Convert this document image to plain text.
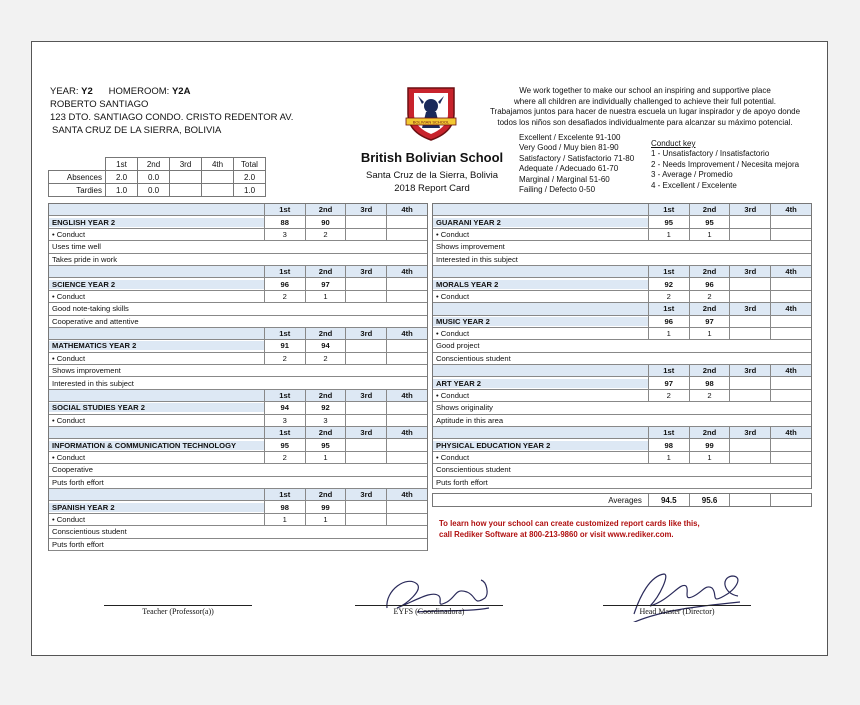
YEAR: Y2 HOMEROOM: Y2A
ROBERTO SANTIAGO
123 DTO. SANTIAGO CONDO. CRISTO REDENTOR AV.
SANTA CRUZ DE LA SIERRA, BOLIVIA
	1st	2nd	3rd	4th	Total
Absences	2.0	0.0			2.0
Tardies	1.0	0.0			1.0
BOLIVIAN SCHOOL
British Bolivian School
Santa Cruz de la Sierra, Bolivia
2018 Report Card
We work together to make our school an inspiring and supportive place
where all children are individually challenged to achieve their full potential.
Trabajamos juntos para hacer de nuestra escuela un lugar inspirador y de apoyo donde
todos los niños son desafiados individualmente para alcanzar su máximo potencial.
Excellent / Excelente 91-100
Very Good / Muy bien 81-90
Satisfactory / Satisfactorio 71-80
Adequate / Adecuado 61-70
Marginal / Marginal 51-60
Failing / Defecto 0-50
Conduct key
1 - Unsatisfactory / Insatisfactorio
2 - Needs Improvement / Necesita mejora
3 - Average / Promedio
4 - Excellent / Excelente
1st	2nd	3rd	4th
ENGLISH YEAR 2	88	90
• Conduct	3	2
Uses time well
Takes pride in work
1st	2nd	3rd	4th
SCIENCE YEAR 2	96	97
• Conduct	2	1
Good note-taking skills
Cooperative and attentive
1st	2nd	3rd	4th
MATHEMATICS YEAR 2	91	94
• Conduct	2	2
Shows improvement
Interested in this subject
1st	2nd	3rd	4th
SOCIAL STUDIES YEAR 2	94	92
• Conduct	3	3
1st	2nd	3rd	4th
INFORMATION & COMMUNICATION TECHNOLOGY	95	95
• Conduct	2	1
Cooperative
Puts forth effort
1st	2nd	3rd	4th
SPANISH YEAR 2	98	99
• Conduct	1	1
Conscientious student
Puts forth effort
1st	2nd	3rd	4th
GUARANI YEAR 2	95	95
• Conduct	1	1
Shows improvement
Interested in this subject
1st	2nd	3rd	4th
MORALS YEAR 2	92	96
• Conduct	2	2
1st	2nd	3rd	4th
MUSIC YEAR 2	96	97
• Conduct	1	1
Good project
Conscientious student
1st	2nd	3rd	4th
ART YEAR 2	97	98
• Conduct	2	2
Shows originality
Aptitude in this area
1st	2nd	3rd	4th
PHYSICAL EDUCATION YEAR 2	98	99
• Conduct	1	1
Conscientious student
Puts forth effort
Averages	94.5	95.6
To learn how your school can create customized report cards like this,
call Rediker Software at 800-213-9860 or visit www.rediker.com.
Teacher (Professor(a))	EYFS (Coordinadora)	Head Master (Director)
